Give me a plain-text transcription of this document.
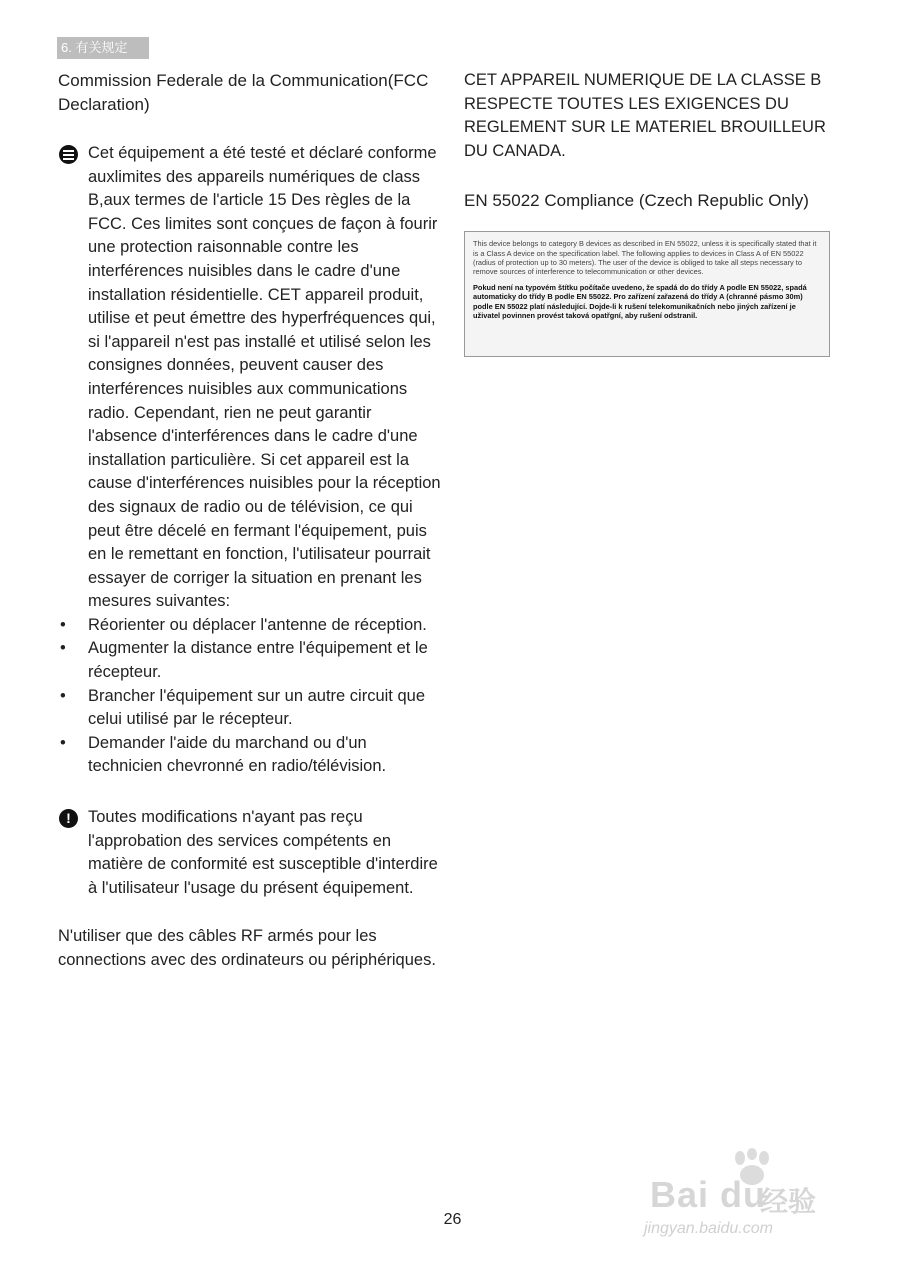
6. 有关规定
Commission Federale de la Communication(FCC Declaration)

Cet équipement a été testé et déclaré conforme auxlimites des appareils numériques de class B,aux termes de l'article 15 Des règles de la FCC. Ces limites sont conçues de façon à fourir une protection raisonnable contre les interférences nuisibles dans le cadre d'une installation résidentielle. CET appareil produit, utilise et peut émettre des hyperfréquences qui, si l'appareil n'est pas installé et utilisé selon les consignes données, peuvent causer des interférences nuisibles aux communications radio. Cependant, rien ne peut garantir l'absence d'interférences dans le cadre d'une installation particulière. Si cet appareil est la cause d'interférences nuisibles pour la réception des signaux de radio ou de télévision, ce qui peut être décelé en fermant l'équipement, puis en le remettant en fonction, l'utilisateur pourrait essayer de corriger la situation en prenant les mesures suivantes:

• Réorienter ou déplacer l'antenne de réception.
• Augmenter la distance entre l'équipement et le récepteur.
• Brancher l'équipement sur un autre circuit que celui utilisé par le récepteur.
• Demander l'aide du marchand ou d'un technicien chevronné en radio/télévision.
!	Toutes modifications n'ayant pas reçu l'approbation des services compétents en matière de conformité est susceptible d'interdire à l'utilisateur l'usage du présent équipement.

N'utiliser que des câbles RF armés pour les connections avec des ordinateurs ou périphériques.

CET APPAREIL NUMERIQUE DE LA CLASSE B RESPECTE TOUTES LES EXIGENCES DU REGLEMENT SUR LE MATERIEL BROUILLEUR DU CANADA.

EN 55022 Compliance (Czech Republic Only)

This device belongs to category B devices as described in EN 55022, unless it is specifically stated that it is a Class A device on the specification label. The following applies to devices in Class A of EN 55022 (radius of protection up to 30 meters). The user of the device is obliged to take all steps necessary to remove sources of interference to telecommunication or other devices.

Pokud není na typovém štítku počítače uvedeno, že spadá do do třídy A podle EN 55022, spadá automaticky do třídy B podle EN 55022. Pro zařízení zařazená do třídy A (chranné pásmo 30m) podle EN 55022 platí následující. Dojde-li k rušení telekomunikačních nebo jiných zařízení je uživatel povinnen provést taková opatřgní, aby rušení odstranil.

26
Bai du
经验
jingyan.baidu.com
